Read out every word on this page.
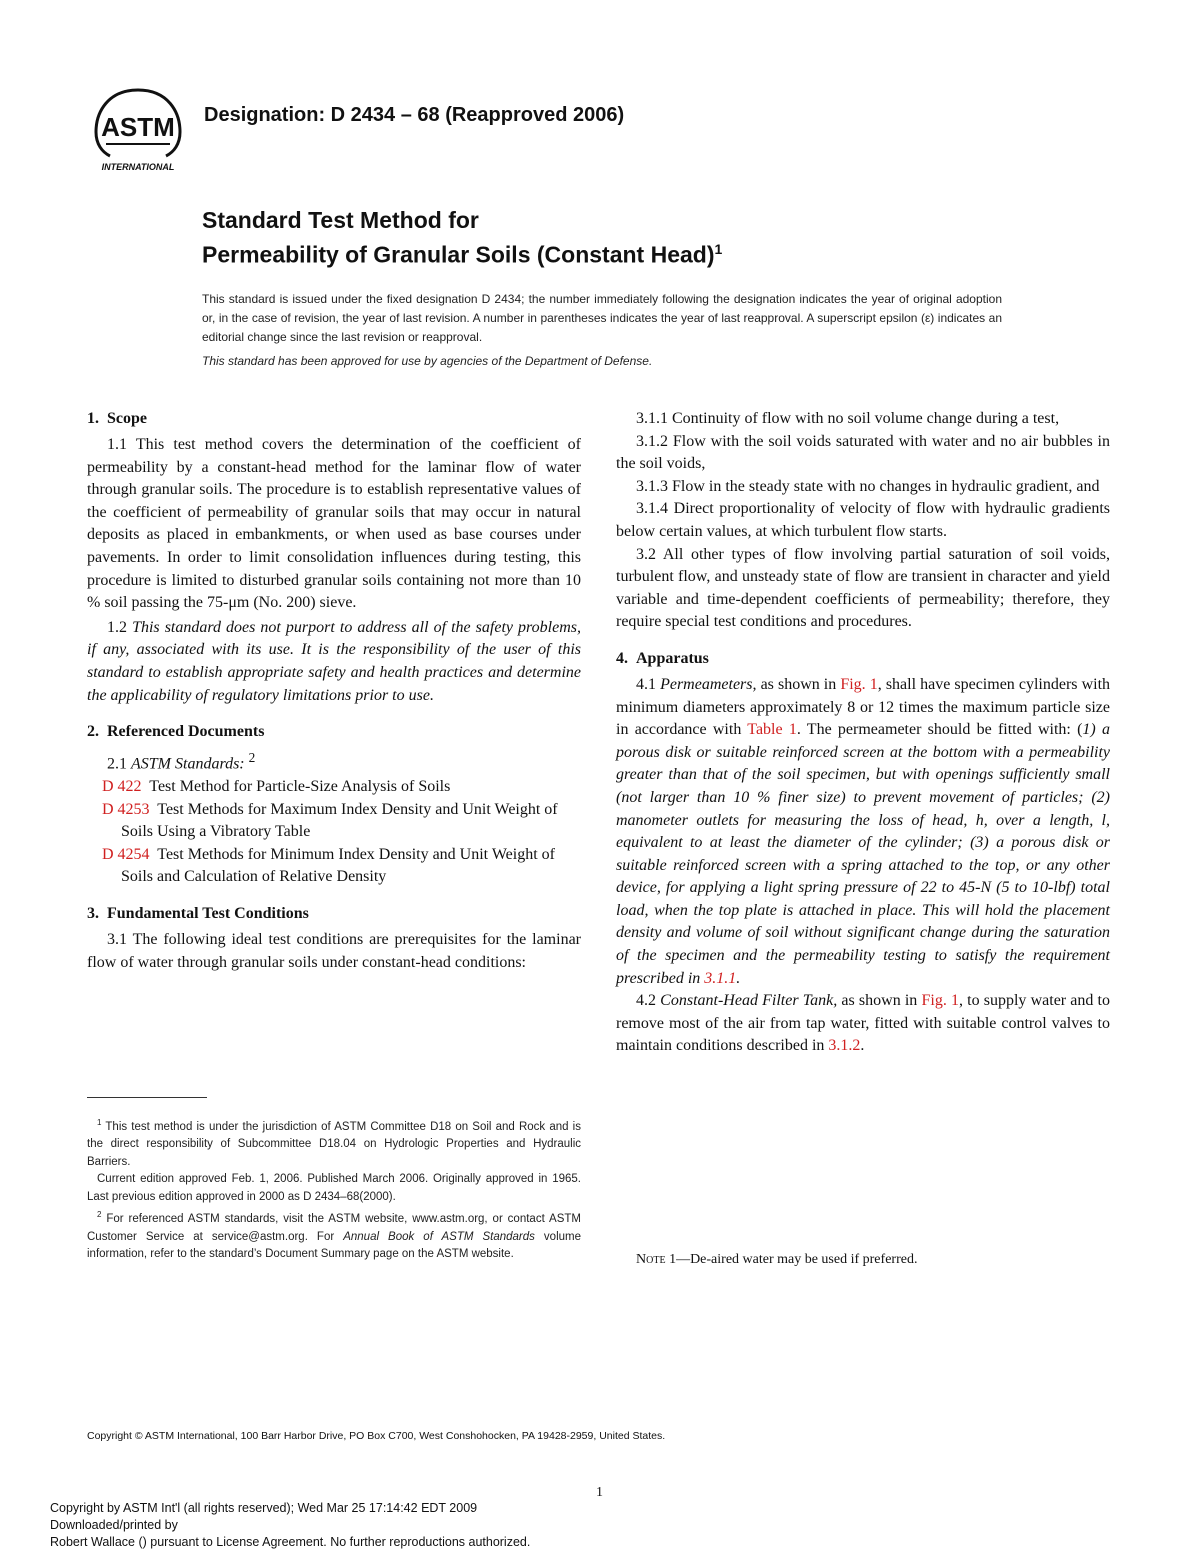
ASTM
INTERNATIONAL
Designation: D 2434 – 68 (Reapproved 2006)
Standard Test Method for
Permeability of Granular Soils (Constant Head)$^1$
This standard is issued under the fixed designation D 2434; the number immediately following the designation indicates the year of original adoption or, in the case of revision, the year of last revision. A number in parentheses indicates the year of last reapproval. A superscript epsilon (ε) indicates an editorial change since the last revision or reapproval.
This standard has been approved for use by agencies of the Department of Defense.
1. Scope

1.1 This test method covers the determination of the coefficient of permeability by a constant-head method for the laminar flow of water through granular soils. The procedure is to establish representative values of the coefficient of permeability of granular soils that may occur in natural deposits as placed in embankments, or when used as base courses under pavements. In order to limit consolidation influences during testing, this procedure is limited to disturbed granular soils containing not more than 10 % soil passing the 75-μm (No. 200) sieve.

1.2 This standard does not purport to address all of the safety problems, if any, associated with its use. It is the responsibility of the user of this standard to establish appropriate safety and health practices and determine the applicability of regulatory limitations prior to use.

2. Referenced Documents

2.1 ASTM Standards: $^2$

D 422 Test Method for Particle-Size Analysis of Soils

D 4253 Test Methods for Maximum Index Density and Unit Weight of Soils Using a Vibratory Table

D 4254 Test Methods for Minimum Index Density and Unit Weight of Soils and Calculation of Relative Density

3. Fundamental Test Conditions

3.1 The following ideal test conditions are prerequisites for the laminar flow of water through granular soils under constant-head conditions:

$^1$ This test method is under the jurisdiction of ASTM Committee D18 on Soil and Rock and is the direct responsibility of Subcommittee D18.04 on Hydrologic Properties and Hydraulic Barriers.

Current edition approved Feb. 1, 2006. Published March 2006. Originally approved in 1965. Last previous edition approved in 2000 as D 2434–68(2000).

$^2$ For referenced ASTM standards, visit the ASTM website, www.astm.org, or contact ASTM Customer Service at service@astm.org. For Annual Book of ASTM Standards volume information, refer to the standard’s Document Summary page on the ASTM website.

3.1.1 Continuity of flow with no soil volume change during a test,

3.1.2 Flow with the soil voids saturated with water and no air bubbles in the soil voids,

3.1.3 Flow in the steady state with no changes in hydraulic gradient, and

3.1.4 Direct proportionality of velocity of flow with hydraulic gradients below certain values, at which turbulent flow starts.

3.2 All other types of flow involving partial saturation of soil voids, turbulent flow, and unsteady state of flow are transient in character and yield variable and time-dependent coefficients of permeability; therefore, they require special test conditions and procedures.

4. Apparatus

4.1 Permeameters, as shown in Fig. 1, shall have specimen cylinders with minimum diameters approximately 8 or 12 times the maximum particle size in accordance with Table 1. The permeameter should be fitted with: (1) a porous disk or suitable reinforced screen at the bottom with a permeability greater than that of the soil specimen, but with openings sufficiently small (not larger than 10 % finer size) to prevent movement of particles; (2) manometer outlets for measuring the loss of head, h, over a length, l, equivalent to at least the diameter of the cylinder; (3) a porous disk or suitable reinforced screen with a spring attached to the top, or any other device, for applying a light spring pressure of 22 to 45-N (5 to 10-lbf) total load, when the top plate is attached in place. This will hold the placement density and volume of soil without significant change during the saturation of the specimen and the permeability testing to satisfy the requirement prescribed in 3.1.1.

4.2 Constant-Head Filter Tank, as shown in Fig. 1, to supply water and to remove most of the air from tap water, fitted with suitable control valves to maintain conditions described in 3.1.2.

Note 1—De-aired water may be used if preferred.
Copyright © ASTM International, 100 Barr Harbor Drive, PO Box C700, West Conshohocken, PA 19428-2959, United States.
1
Copyright by ASTM Int'l (all rights reserved); Wed Mar 25 17:14:42 EDT 2009
Downloaded/printed by
Robert Wallace () pursuant to License Agreement. No further reproductions authorized.
